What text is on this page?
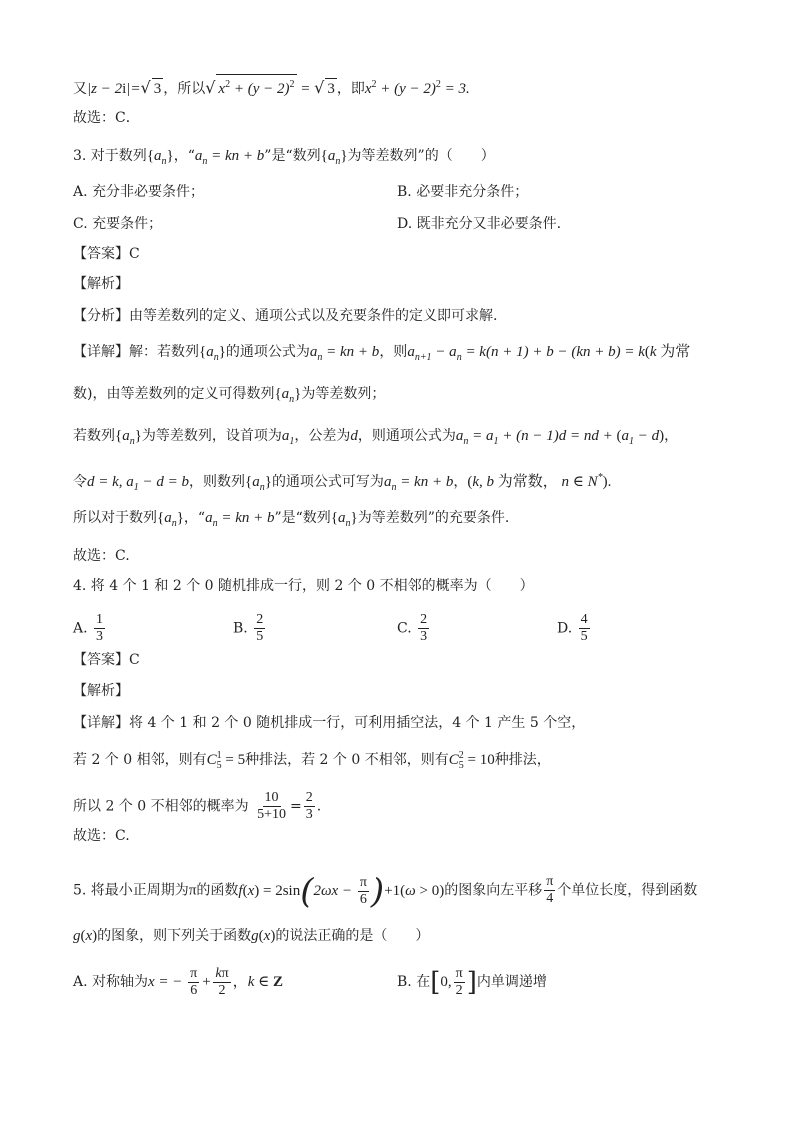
又|z − 2i|=√ 3 ，所以√ $x^2 + (y - 2)^2$ = √ 3 ，即$x^2 + (y - 2)^2 = 3$.
故选：C．
3. 对于数列$\{a_n\}$，“$a_n$ = kn + b”是“数列$\{a_n\}$为等差数列”的（　　）
A. 充分非必要条件；	B. 必要非充分条件；
C. 充要条件；	D. 既非充分又非必要条件.
【答案】C
【解析】
【分析】由等差数列的定义、通项公式以及充要条件的定义即可求解.
【详解】解：若数列$\{a_n\}$的通项公式为$a_n$ = kn + b，则$a_{n+1} - a_n = k(n + 1) + b - (kn + b) = k(k$ 为常
数)，由等差数列的定义可得数列$\{a_n\}$为等差数列；
若数列$\{a_n\}$为等差数列，设首项为$a_1$，公差为d，则通项公式为$a_n = a_1 + (n - 1)d$ = nd + $(a_1 - d)$，
令d = k, $a_1 - d = b$，则数列$\{a_n\}$的通项公式可写为$a_n$ = kn + b，(k, b 为常数， n ∈ N*).
所以对于数列$\{a_n\}$，“$a_n$ = kn + b”是“数列$\{a_n\}$为等差数列”的充要条件.
故选：C.
4. 将 4 个 1 和 2 个 0 随机排成一行，则 2 个 0 不相邻的概率为（　　）
A. $\frac{1}{3}$	B. $\frac{2}{5}$	C. $\frac{2}{3}$	D. $\frac{4}{5}$
【答案】C
【解析】
【详解】将 4 个 1 和 2 个 0 随机排成一行，可利用插空法，4 个 1 产生 5 个空，
若 2 个 0 相邻，则有C 1
5 = 5种排法，若 2 个 0 不相邻，则有C 2
5 = 10种排法，
所以 2 个 0 不相邻的概率为 $\frac{10}{5+10} = \frac{2}{3}$ .
故选：C.
5. 将最小正周期为π的函数$f(x) = 2\sin(2\omega x - \frac{\pi}{6} )+1(\omega > 0)$的图象向左平移 $\frac{\pi}{4}$ 个单位长度，得到函数
g(x)的图象，则下列关于函数g(x)的说法正确的是（　　）
A. 对称轴为x = − $\frac{\pi}{6} + \frac{k\pi}{2}$ ，k ∈ Z	B. 在[0, $\frac{\pi}{2}$ ]内单调递增
